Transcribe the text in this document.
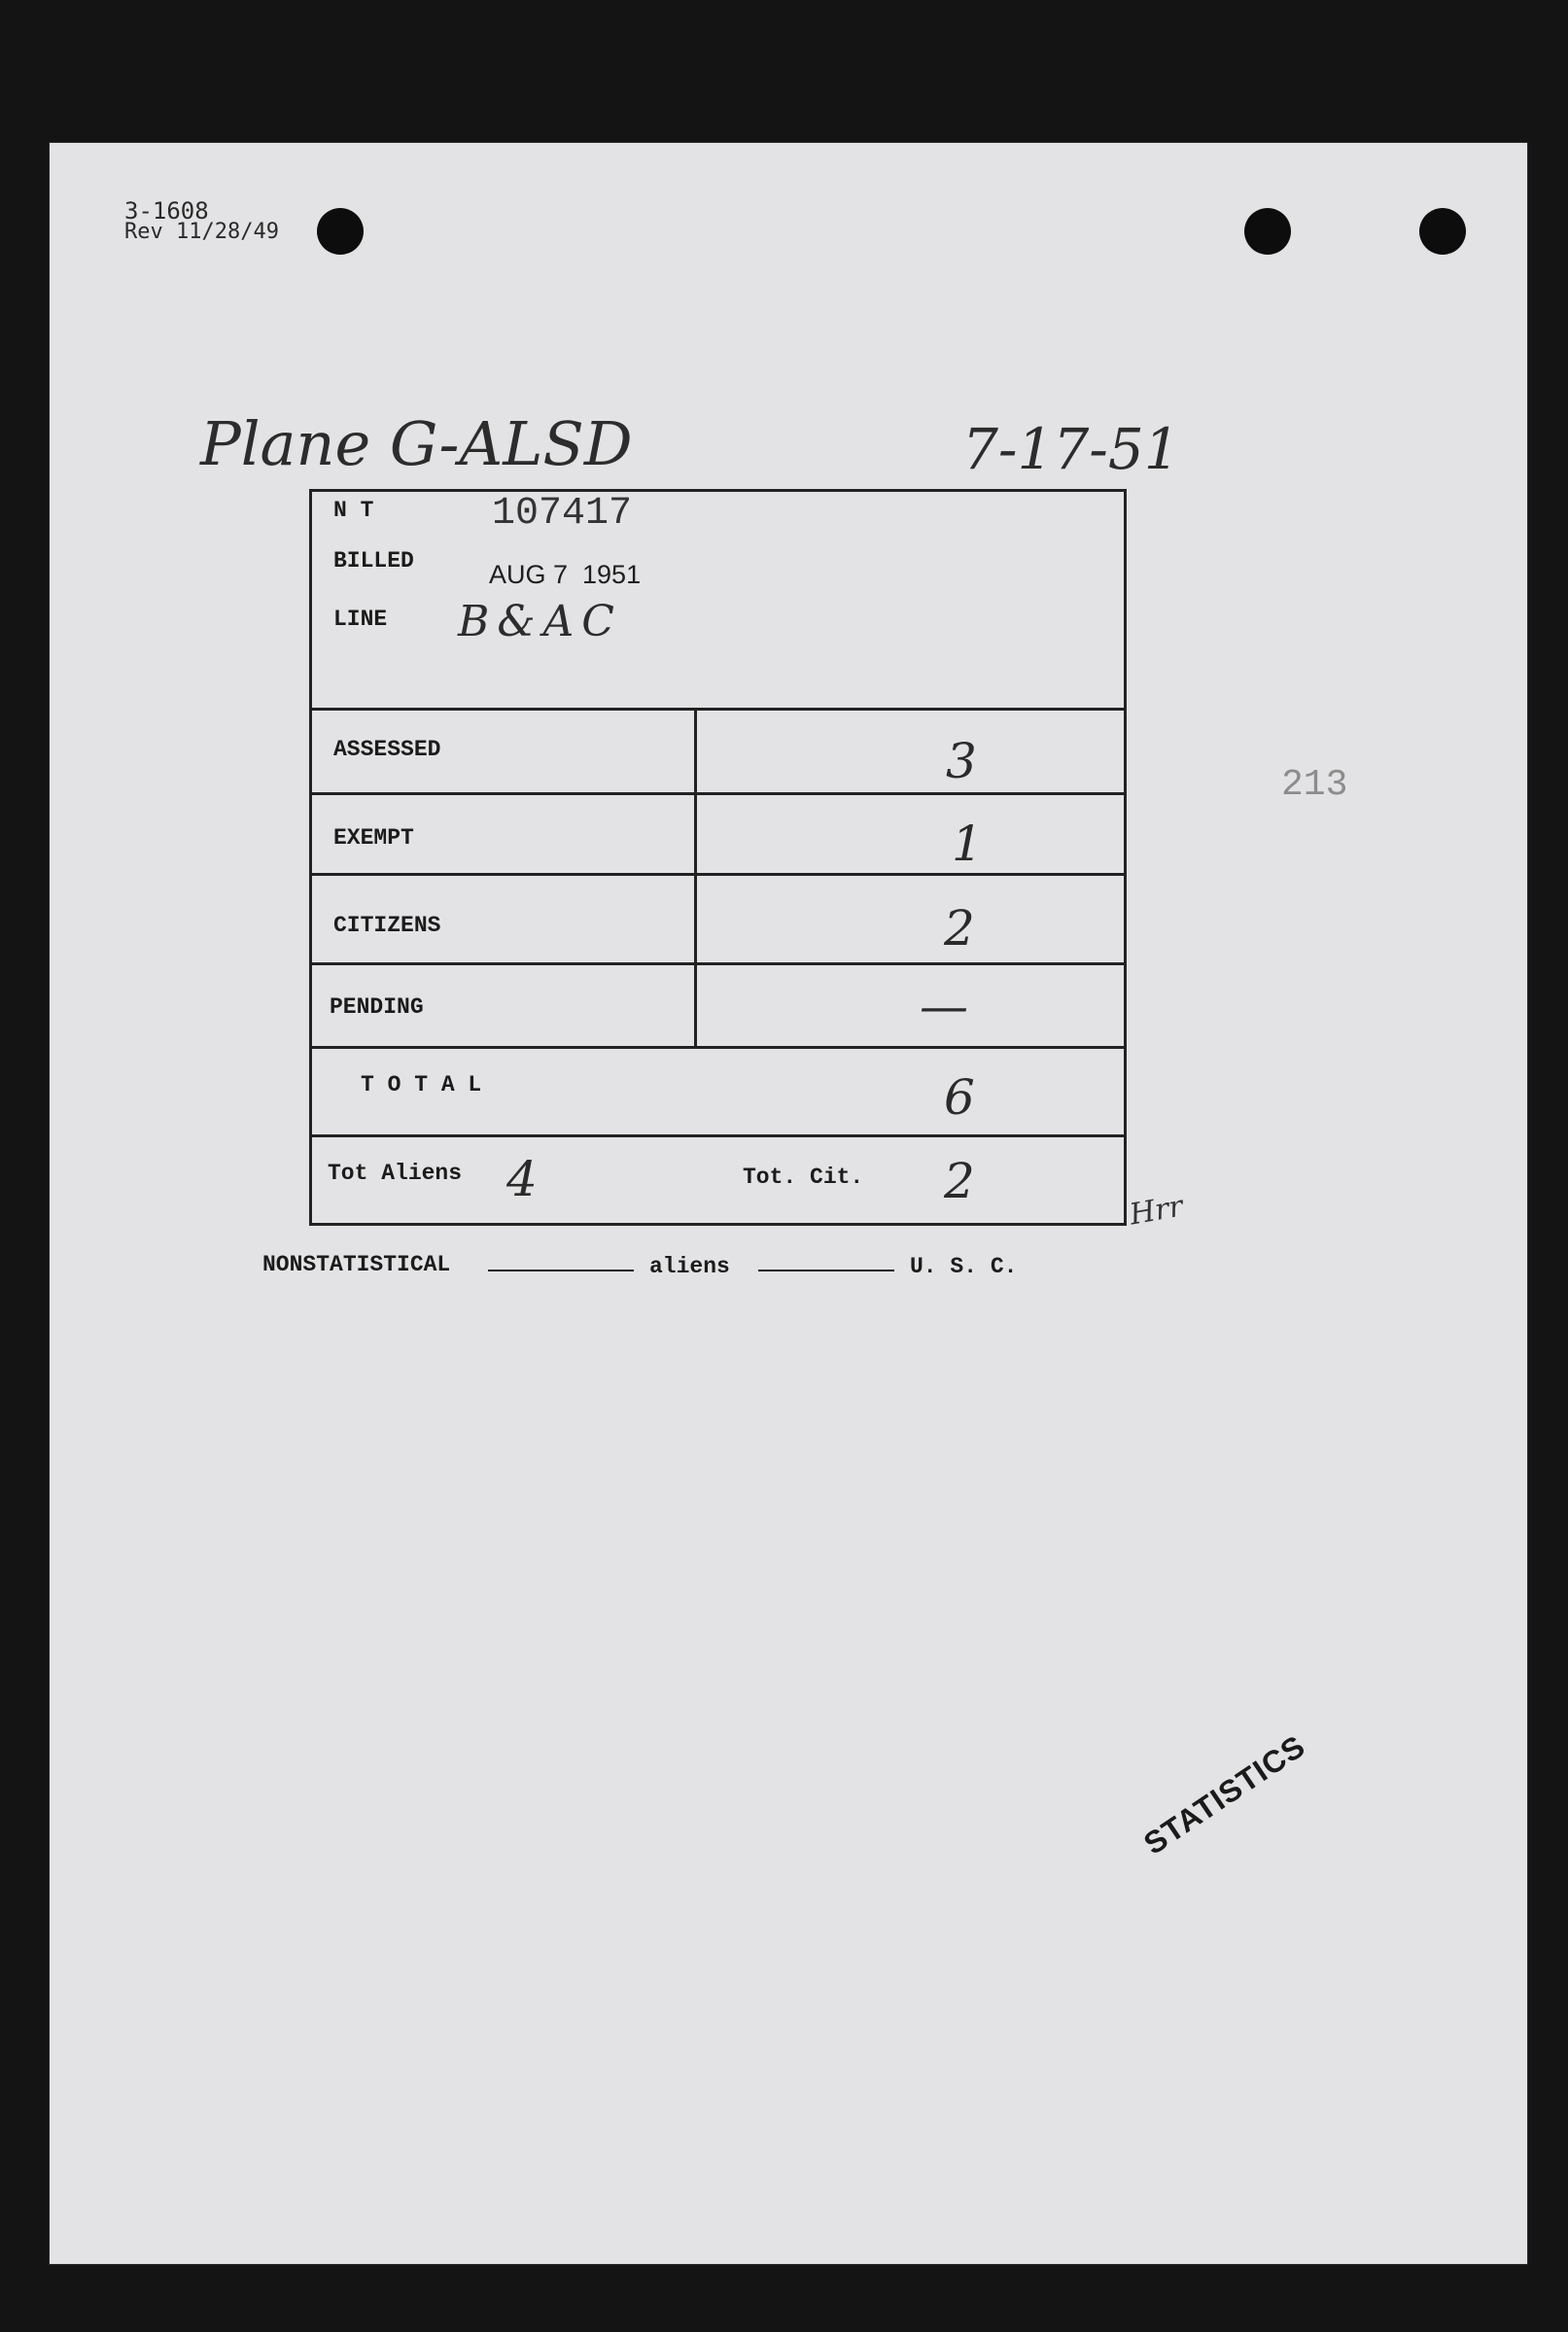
3-1608
Rev 11/28/49
Plane G-ALSD	7-17-51
N T	107417
BILLED	AUG 7  1951
LINE B&AC
ASSESSED	3
EXEMPT	1
CITIZENS	2
PENDING	—
T O T A L	6
Tot Aliens 4	Tot. Cit. 2
Hrr
NONSTATISTICAL	aliens	U. S. C.
213
STATISTICS
